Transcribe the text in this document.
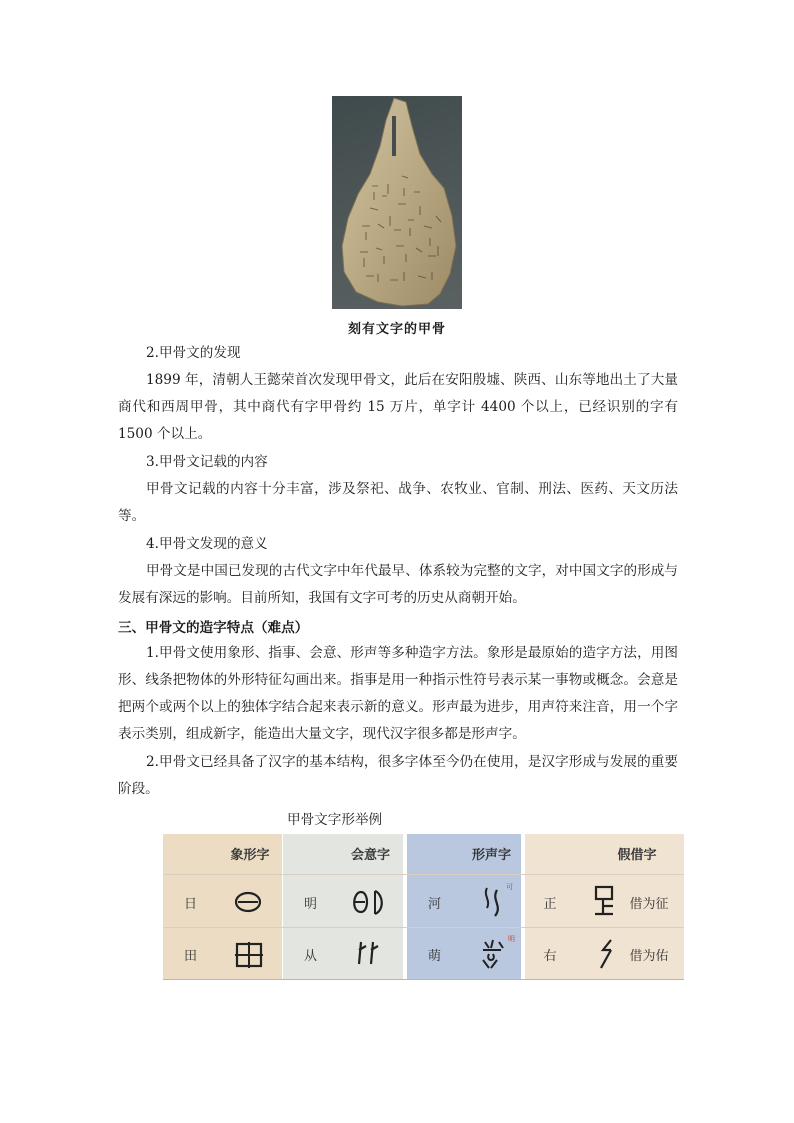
刻有文字的甲骨
2.甲骨文的发现
1899 年，清朝人王懿荣首次发现甲骨文，此后在安阳殷墟、陕西、山东等地出土了大量商代和西周甲骨，其中商代有字甲骨约 15 万片，单字计 4400 个以上，已经识别的字有 1500 个以上。
3.甲骨文记载的内容
甲骨文记载的内容十分丰富，涉及祭祀、战争、农牧业、官制、刑法、医药、天文历法等。
4.甲骨文发现的意义
甲骨文是中国已发现的古代文字中年代最早、体系较为完整的文字，对中国文字的形成与发展有深远的影响。目前所知，我国有文字可考的历史从商朝开始。
三、甲骨文的造字特点（难点）
1.甲骨文使用象形、指事、会意、形声等多种造字方法。象形是最原始的造字方法，用图形、线条把物体的外形特征勾画出来。指事是用一种指示性符号表示某一事物或概念。会意是把两个或两个以上的独体字结合起来表示新的意义。形声最为进步，用声符来注音，用一个字表示类别，组成新字，能造出大量文字，现代汉字很多都是形声字。
2.甲骨文已经具备了汉字的基本结构，很多字体至今仍在使用，是汉字形成与发展的重要阶段。
甲骨文字形举例
象形字
日
田
会意字
明
从
形声字
河
萌
可
明
假借字
正
右
借为征
借为佑
